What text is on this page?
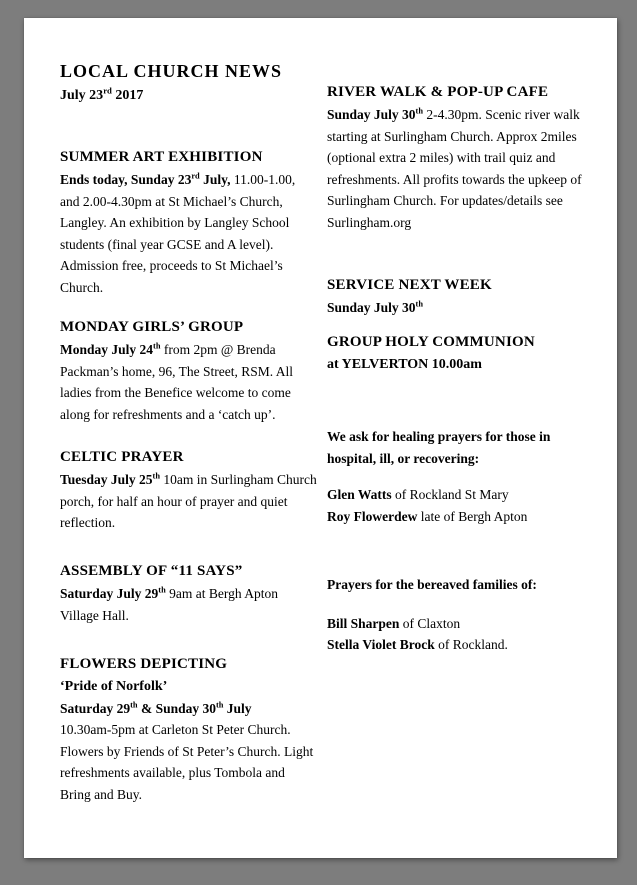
LOCAL CHURCH NEWS
July 23rd 2017
SUMMER ART EXHIBITION

Ends today, Sunday 23rd July, 11.00-1.00, and 2.00-4.30pm at St Michael’s Church, Langley. An exhibition by Langley School students (final year GCSE and A level). Admission free, proceeds to St Michael’s Church.

MONDAY GIRLS’ GROUP

Monday July 24th from 2pm @ Brenda Packman’s home, 96, The Street, RSM. All ladies from the Benefice welcome to come along for refreshments and a ‘catch up’.

CELTIC PRAYER

Tuesday July 25th 10am in Surlingham Church porch, for half an hour of prayer and quiet reflection.

ASSEMBLY OF “11 SAYS”

Saturday July 29th 9am at Bergh Apton Village Hall.

FLOWERS DEPICTING

‘Pride of Norfolk’

Saturday 29th & Sunday 30th July

10.30am-5pm at Carleton St Peter Church. Flowers by Friends of St Peter’s Church. Light refreshments available, plus Tombola and Bring and Buy.

RIVER WALK & POP-UP CAFE

Sunday July 30th 2-4.30pm. Scenic river walk starting at Surlingham Church. Approx 2miles (optional extra 2 miles) with trail quiz and refreshments. All profits towards the upkeep of Surlingham Church. For updates/details see Surlingham.org

SERVICE NEXT WEEK

Sunday July 30th

GROUP HOLY COMMUNION

at YELVERTON 10.00am

We ask for healing prayers for those in hospital, ill, or recovering:

Glen Watts of Rockland St Mary

Roy Flowerdew late of Bergh Apton

Prayers for the bereaved families of:

Bill Sharpen of Claxton

Stella Violet Brock of Rockland.
